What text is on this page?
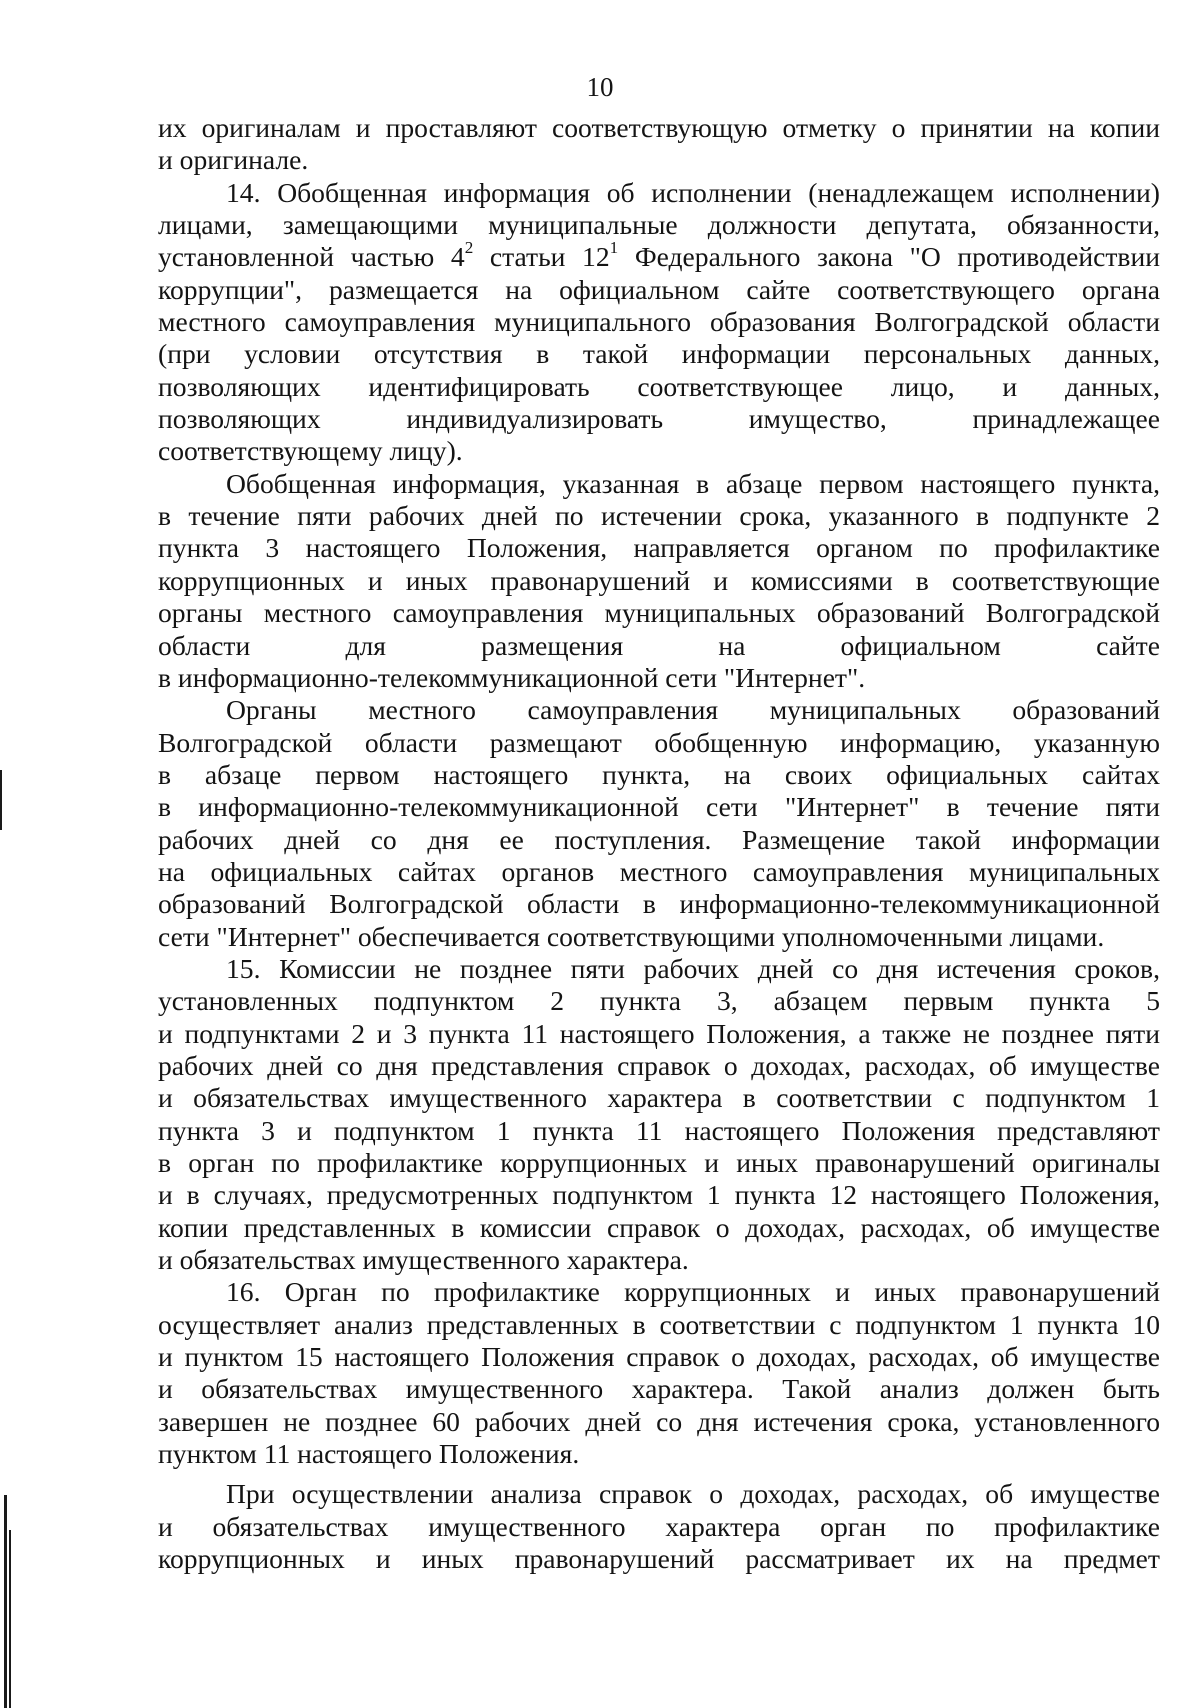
10
их оригиналам и проставляют соответствующую отметку о принятии на копии
и оригинале.
14. Обобщенная информация об исполнении (ненадлежащем исполнении)
лицами, замещающими муниципальные должности депутата, обязанности,
установленной частью $4^2$ статьи $12^1$ Федерального закона "О противодействии
коррупции", размещается на официальном сайте соответствующего органа
местного самоуправления муниципального образования Волгоградской области
(при условии отсутствия в такой информации персональных данных,
позволяющих идентифицировать соответствующее лицо, и данных,
позволяющих индивидуализировать имущество, принадлежащее
соответствующему лицу).
Обобщенная информация, указанная в абзаце первом настоящего пункта,
в течение пяти рабочих дней по истечении срока, указанного в подпункте 2
пункта 3 настоящего Положения, направляется органом по профилактике
коррупционных и иных правонарушений и комиссиями в соответствующие
органы местного самоуправления муниципальных образований Волгоградской
области для размещения на официальном сайте
в информационно-телекоммуникационной сети "Интернет".
Органы местного самоуправления муниципальных образований
Волгоградской области размещают обобщенную информацию, указанную
в абзаце первом настоящего пункта, на своих официальных сайтах
в информационно-телекоммуникационной сети "Интернет" в течение пяти
рабочих дней со дня ее поступления. Размещение такой информации
на официальных сайтах органов местного самоуправления муниципальных
образований Волгоградской области в информационно-телекоммуникационной
сети "Интернет" обеспечивается соответствующими уполномоченными лицами.
15. Комиссии не позднее пяти рабочих дней со дня истечения сроков,
установленных подпунктом 2 пункта 3, абзацем первым пункта 5
и подпунктами 2 и 3 пункта 11 настоящего Положения, а также не позднее пяти
рабочих дней со дня представления справок о доходах, расходах, об имуществе
и обязательствах имущественного характера в соответствии с подпунктом 1
пункта 3 и подпунктом 1 пункта 11 настоящего Положения представляют
в орган по профилактике коррупционных и иных правонарушений оригиналы
и в случаях, предусмотренных подпунктом 1 пункта 12 настоящего Положения,
копии представленных в комиссии справок о доходах, расходах, об имуществе
и обязательствах имущественного характера.
16. Орган по профилактике коррупционных и иных правонарушений
осуществляет анализ представленных в соответствии с подпунктом 1 пункта 10
и пунктом 15 настоящего Положения справок о доходах, расходах, об имуществе
и обязательствах имущественного характера. Такой анализ должен быть
завершен не позднее 60 рабочих дней со дня истечения срока, установленного
пунктом 11 настоящего Положения.
При осуществлении анализа справок о доходах, расходах, об имуществе
и обязательствах имущественного характера орган по профилактике
коррупционных и иных правонарушений рассматривает их на предмет
